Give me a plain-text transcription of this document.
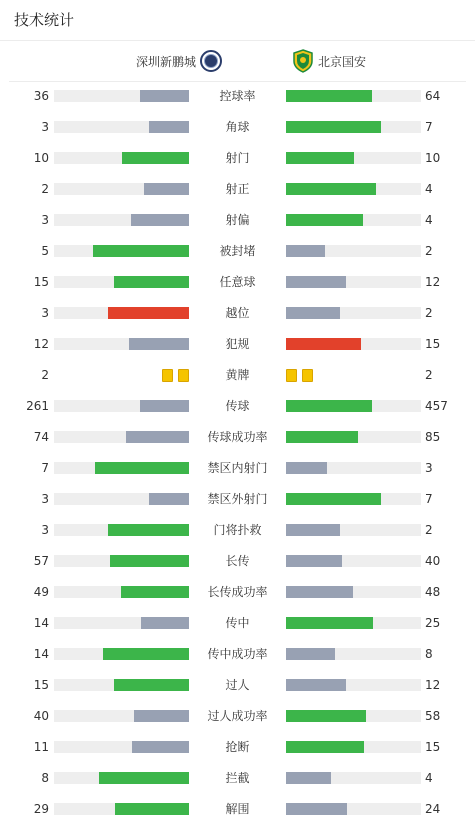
技术统计
深圳新鹏城	北京国安
36	控球率	64
3	角球	7
10	射门	10
2	射正	4
3	射偏	4
5	被封堵	2
15	任意球	12
3	越位	2
12	犯规	15
2	黄牌	2
261	传球	457
74	传球成功率	85
7	禁区内射门	3
3	禁区外射门	7
3	门将扑救	2
57	长传	40
49	长传成功率	48
14	传中	25
14	传中成功率	8
15	过人	12
40	过人成功率	58
11	抢断	15
8	拦截	4
29	解围	24
